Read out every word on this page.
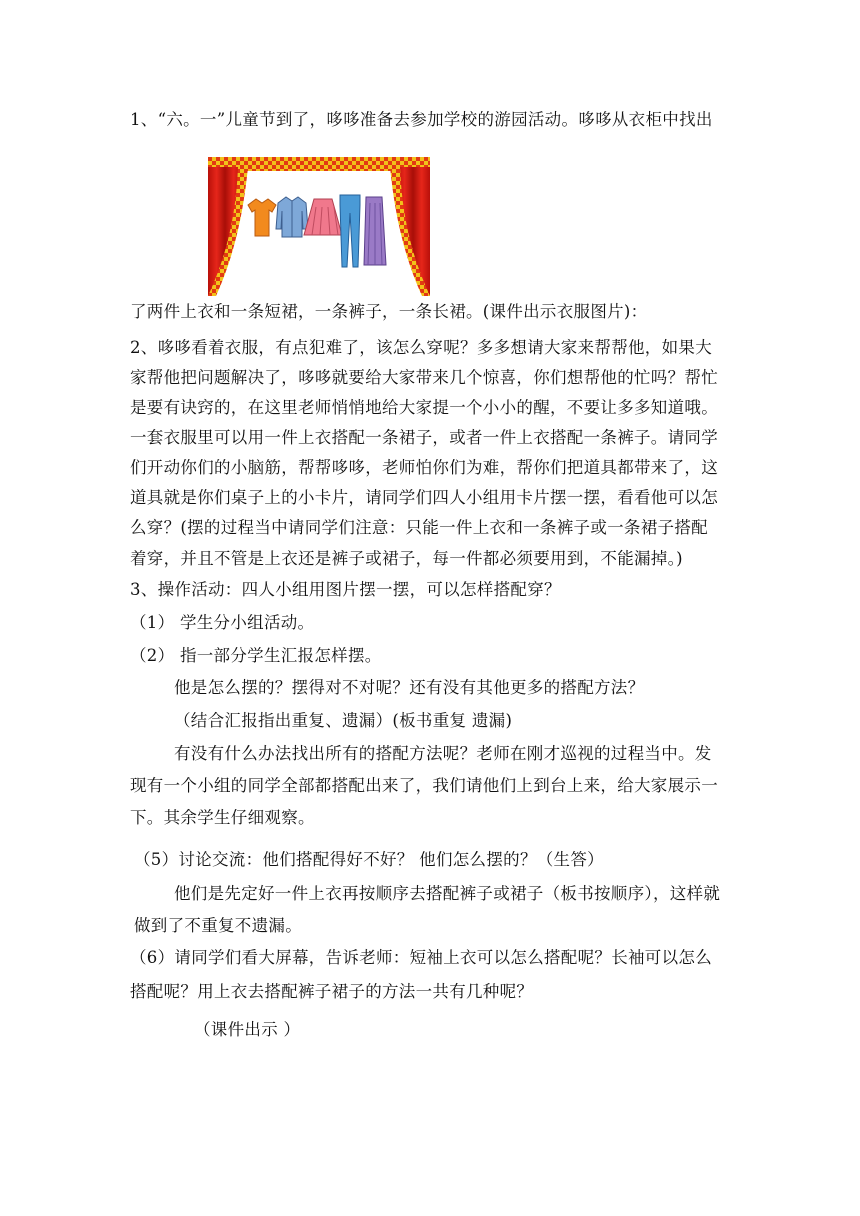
1、“六。一”儿童节到了，哆哆准备去参加学校的游园活动。哆哆从衣柜中找出
了两件上衣和一条短裙，一条裤子，一条长裙。(课件出示衣服图片)：
2、哆哆看着衣服，有点犯难了，该怎么穿呢？多多想请大家来帮帮他，如果大
家帮他把问题解决了，哆哆就要给大家带来几个惊喜，你们想帮他的忙吗？帮忙
是要有诀窍的，在这里老师悄悄地给大家提一个小小的醒，不要让多多知道哦。
一套衣服里可以用一件上衣搭配一条裙子，或者一件上衣搭配一条裤子。请同学
们开动你们的小脑筋，帮帮哆哆，老师怕你们为难，帮你们把道具都带来了，这
道具就是你们桌子上的小卡片，请同学们四人小组用卡片摆一摆，看看他可以怎
么穿？(摆的过程当中请同学们注意：只能一件上衣和一条裤子或一条裙子搭配
着穿，并且不管是上衣还是裤子或裙子，每一件都必须要用到，不能漏掉。)
3、操作活动：四人小组用图片摆一摆，可以怎样搭配穿？
（1） 学生分小组活动。
（2） 指一部分学生汇报怎样摆。
他是怎么摆的？摆得对不对呢？还有没有其他更多的搭配方法？
（结合汇报指出重复、遗漏）(板书重复 遗漏)
有没有什么办法找出所有的搭配方法呢？老师在刚才巡视的过程当中。发
现有一个小组的同学全部都搭配出来了，我们请他们上到台上来，给大家展示一
下。其余学生仔细观察。
（5）讨论交流：他们搭配得好不好？ 他们怎么摆的？（生答）
他们是先定好一件上衣再按顺序去搭配裤子或裙子（板书按顺序），这样就
做到了不重复不遗漏。
（6）请同学们看大屏幕，告诉老师：短袖上衣可以怎么搭配呢？长袖可以怎么
搭配呢？用上衣去搭配裤子裙子的方法一共有几种呢？
（课件出示 ）
